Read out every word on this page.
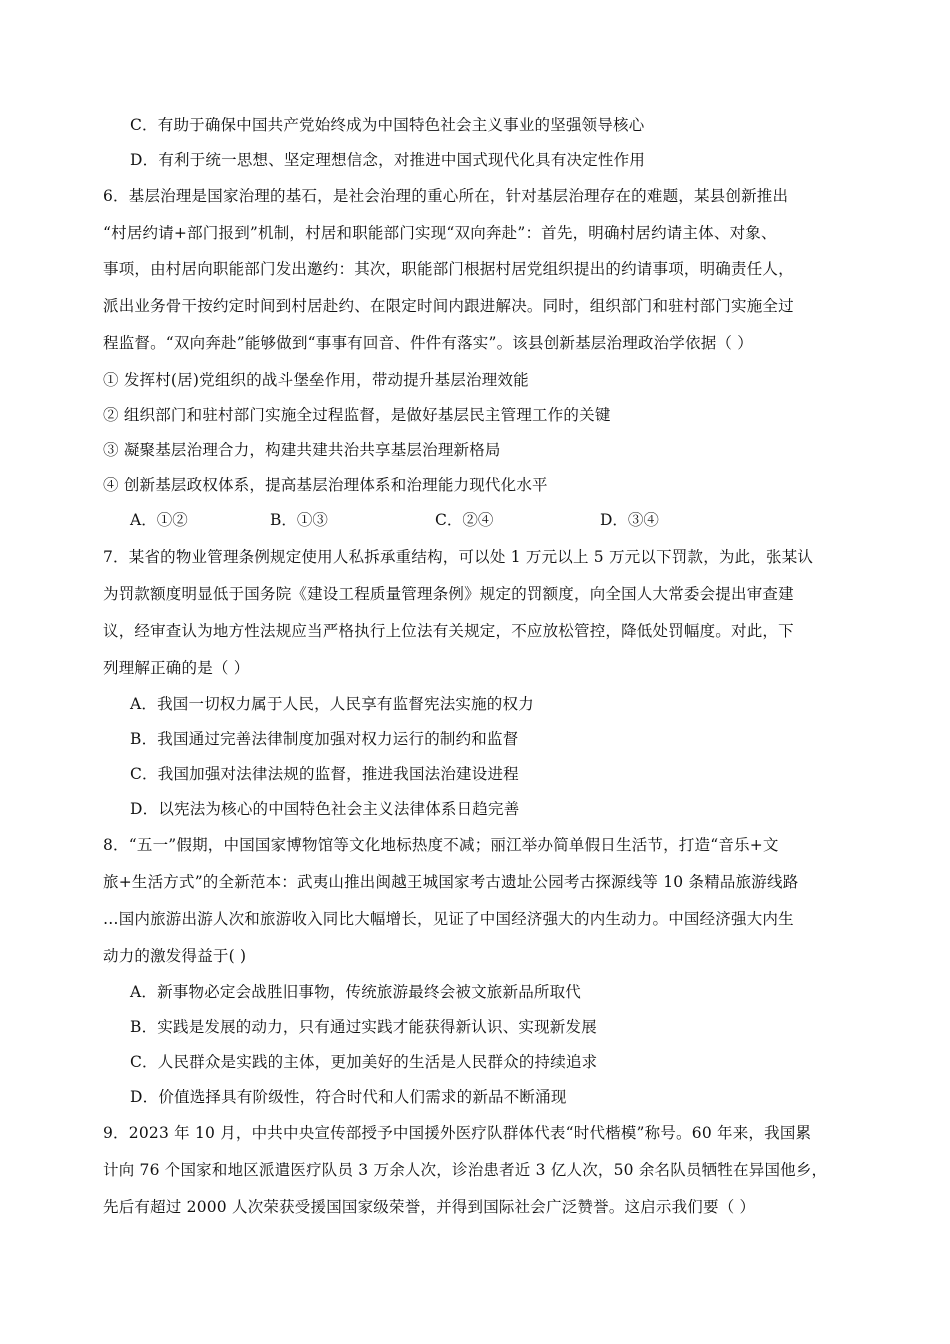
C．有助于确保中国共产党始终成为中国特色社会主义事业的坚强领导核心
D．有利于统一思想、坚定理想信念，对推进中国式现代化具有决定性作用
6．基层治理是国家治理的基石，是社会治理的重心所在，针对基层治理存在的难题，某县创新推出
“村居约请+部门报到”机制，村居和职能部门实现“双向奔赴”：首先，明确村居约请主体、对象、
事项，由村居向职能部门发出邀约：其次，职能部门根据村居党组织提出的约请事项，明确责任人，
派出业务骨干按约定时间到村居赴约、在限定时间内跟进解决。同时，组织部门和驻村部门实施全过
程监督。“双向奔赴”能够做到“事事有回音、件件有落实”。该县创新基层治理政治学依据（ ）
① 发挥村(居)党组织的战斗堡垒作用，带动提升基层治理效能
② 组织部门和驻村部门实施全过程监督，是做好基层民主管理工作的关键
③ 凝聚基层治理合力，构建共建共治共享基层治理新格局
④ 创新基层政权体系，提高基层治理体系和治理能力现代化水平
A．①②	B．①③	C．②④	D．③④
7．某省的物业管理条例规定使用人私拆承重结构，可以处 1 万元以上 5 万元以下罚款，为此，张某认
为罚款额度明显低于国务院《建设工程质量管理条例》规定的罚额度，向全国人大常委会提出审查建
议，经审查认为地方性法规应当严格执行上位法有关规定，不应放松管控，降低处罚幅度。对此，下
列理解正确的是（ ）
A．我国一切权力属于人民，人民享有监督宪法实施的权力
B．我国通过完善法律制度加强对权力运行的制约和监督
C．我国加强对法律法规的监督，推进我国法治建设进程
D．以宪法为核心的中国特色社会主义法律体系日趋完善
8．“五一”假期，中国国家博物馆等文化地标热度不减；丽江举办简单假日生活节，打造“音乐+文
旅+生活方式”的全新范本：武夷山推出闽越王城国家考古遗址公园考古探源线等 10 条精品旅游线路
…国内旅游出游人次和旅游收入同比大幅增长，见证了中国经济强大的内生动力。中国经济强大内生
动力的激发得益于( )
A．新事物必定会战胜旧事物，传统旅游最终会被文旅新品所取代
B．实践是发展的动力，只有通过实践才能获得新认识、实现新发展
C．人民群众是实践的主体，更加美好的生活是人民群众的持续追求
D．价值选择具有阶级性，符合时代和人们需求的新品不断涌现
9．2023 年 10 月，中共中央宣传部授予中国援外医疗队群体代表“时代楷模”称号。60 年来，我国累
计向 76 个国家和地区派遣医疗队员 3 万余人次，诊治患者近 3 亿人次，50 余名队员牺牲在异国他乡，
先后有超过 2000 人次荣获受援国国家级荣誉，并得到国际社会广泛赞誉。这启示我们要（ ）
